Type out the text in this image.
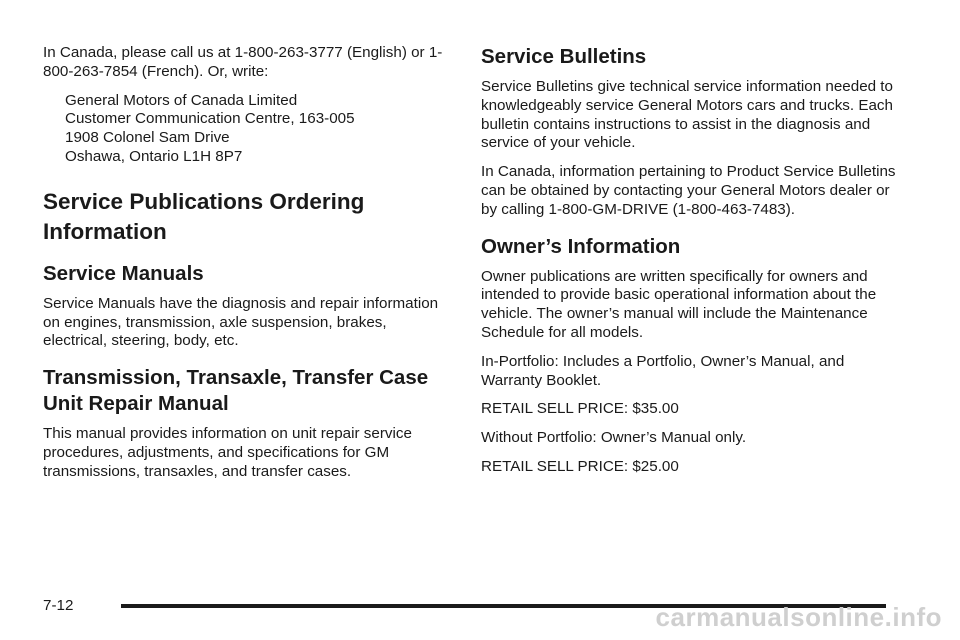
In Canada, please call us at 1-800-263-3777 (English) or 1-800-263-7854 (French). Or, write:

General Motors of Canada Limited
Customer Communication Centre, 163-005
1908 Colonel Sam Drive
Oshawa, Ontario L1H 8P7
Service Publications Ordering Information
Service Manuals

Service Manuals have the diagnosis and repair information on engines, transmission, axle suspension, brakes, electrical, steering, body, etc.

Transmission, Transaxle, Transfer Case Unit Repair Manual

This manual provides information on unit repair service procedures, adjustments, and specifications for GM transmissions, transaxles, and transfer cases.

Service Bulletins

Service Bulletins give technical service information needed to knowledgeably service General Motors cars and trucks. Each bulletin contains instructions to assist in the diagnosis and service of your vehicle.

In Canada, information pertaining to Product Service Bulletins can be obtained by contacting your General Motors dealer or by calling 1-800-GM-DRIVE (1-800-463-7483).

Owner’s Information

Owner publications are written specifically for owners and intended to provide basic operational information about the vehicle. The owner’s manual will include the Maintenance Schedule for all models.

In-Portfolio: Includes a Portfolio, Owner’s Manual, and Warranty Booklet.

RETAIL SELL PRICE: $35.00

Without Portfolio: Owner’s Manual only.

RETAIL SELL PRICE: $25.00

7-12	carmanualsonline.info
